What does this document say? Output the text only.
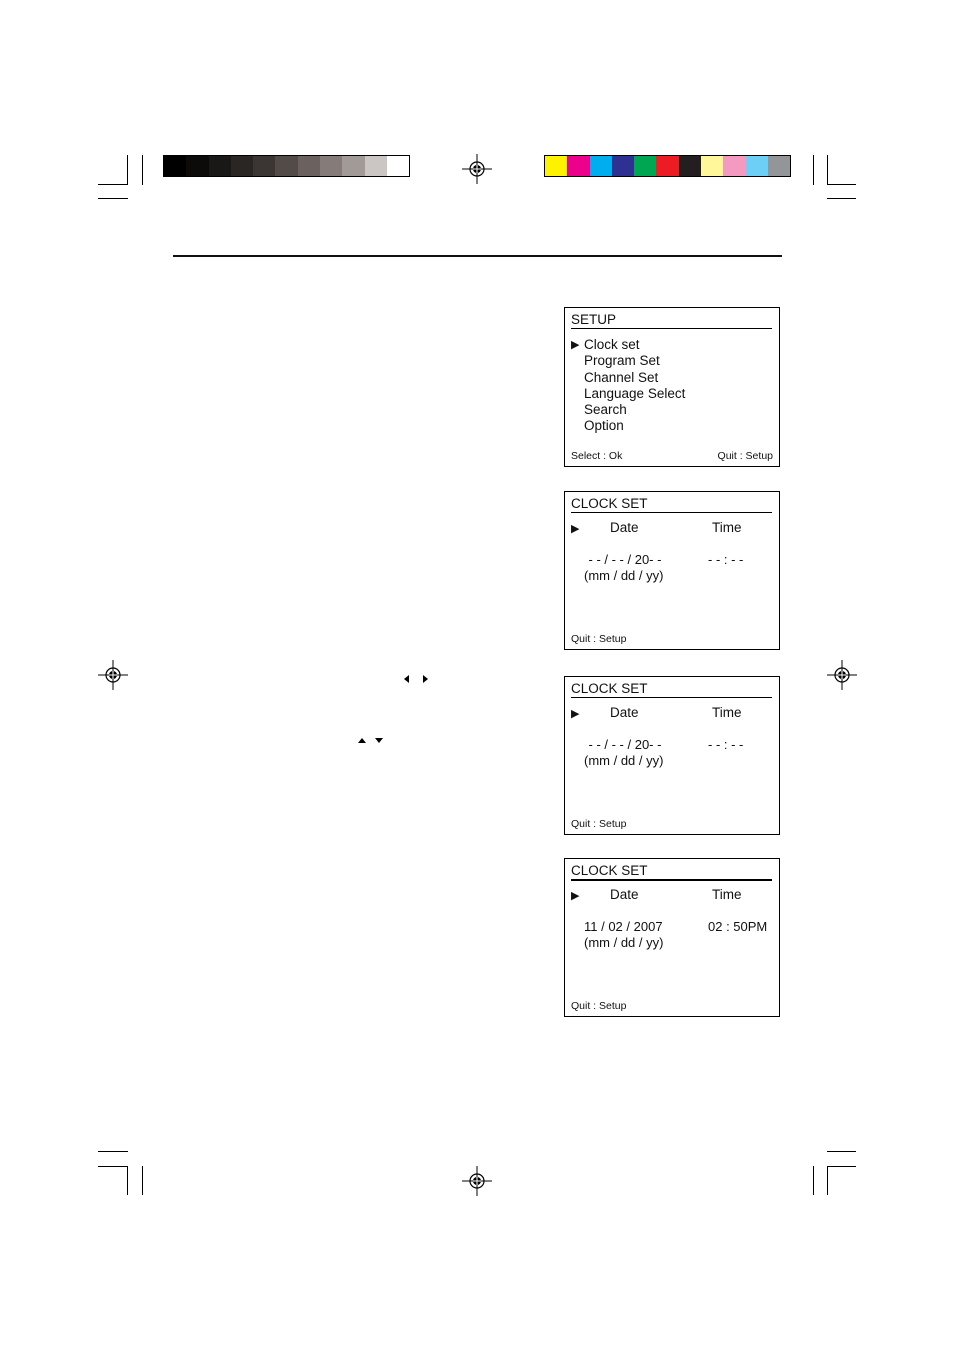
SETUP
▶ Clock set
Program Set
Channel Set
Language Select
Search
Option
Select : Ok	Quit : Setup
CLOCK SET
▶ Date	Time
- - / - - / 20- -	- - : - -
(mm / dd / yy)
Quit : Setup
CLOCK SET
▶ Date	Time
- - / - - / 20- -	- - : - -
(mm / dd / yy)
Quit : Setup
CLOCK SET
▶ Date	Time
11 / 02 / 2007	02 : 50PM
(mm / dd / yy)
Quit : Setup
